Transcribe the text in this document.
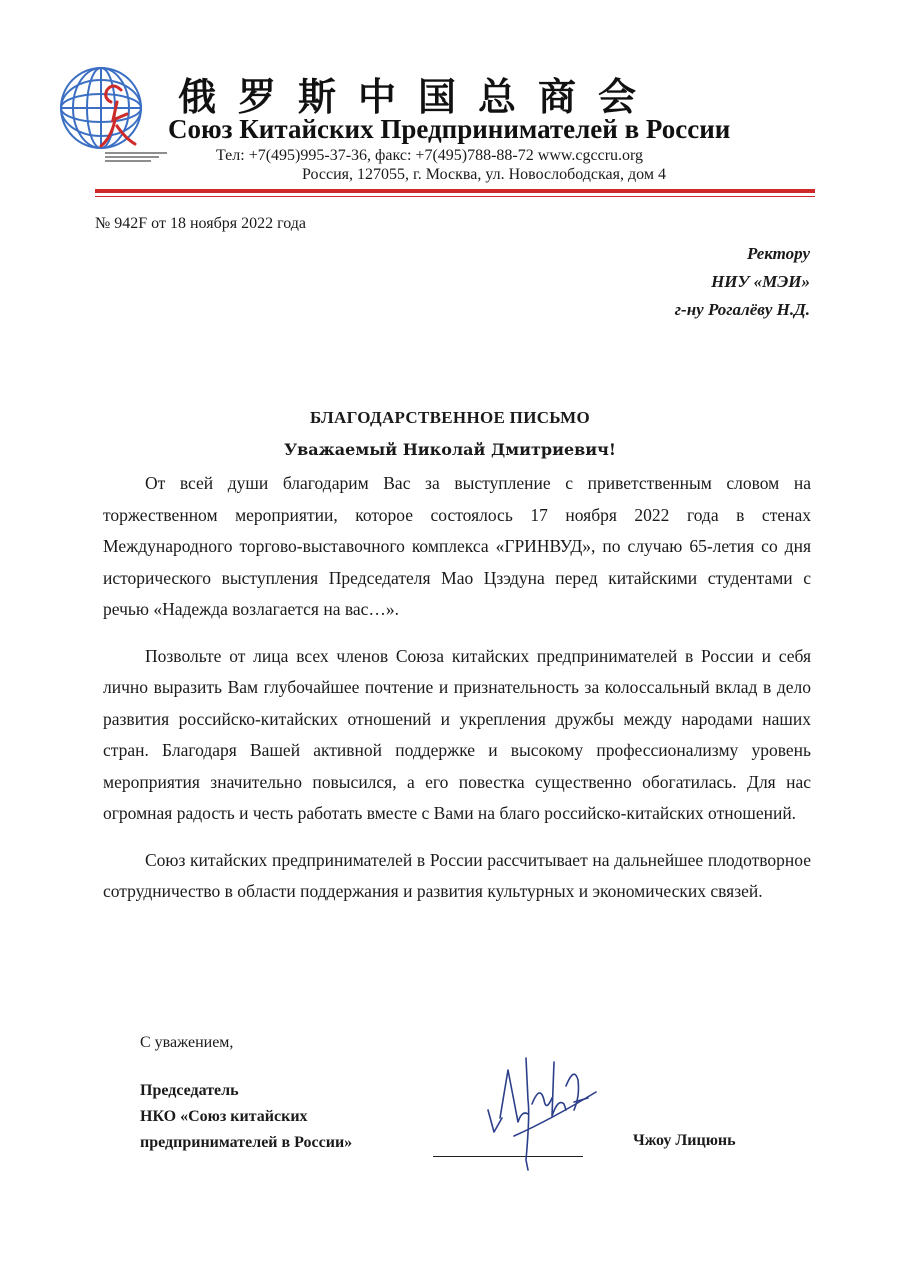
俄罗斯中国总商会
Союз Китайских Предпринимателей в России
Тел: +7(495)995-37-36, факс: +7(495)788-88-72 www.cgccru.org
Россия, 127055, г. Москва, ул. Новослободская, дом 4
№ 942F от 18 ноября 2022 года
Ректору
НИУ «МЭИ»
г-ну Рогалёву Н.Д.
БЛАГОДАРСТВЕННОЕ ПИСЬМО
Уважаемый Николай Дмитриевич!

От всей души благодарим Вас за выступление с приветственным словом на торжественном мероприятии, которое состоялось 17 ноября 2022 года в стенах Международного торгово-выставочного комплекса «ГРИНВУД», по случаю 65-летия со дня исторического выступления Председателя Мао Цзэдуна перед китайскими студентами с речью «Надежда возлагается на вас…».

Позвольте от лица всех членов Союза китайских предпринимателей в России и себя лично выразить Вам глубочайшее почтение и признательность за колоссальный вклад в дело развития российско-китайских отношений и укрепления дружбы между народами наших стран. Благодаря Вашей активной поддержке и высокому профессионализму уровень мероприятия значительно повысился, а его повестка существенно обогатилась. Для нас огромная радость и честь работать вместе с Вами на благо российско-китайских отношений.

Союз китайских предпринимателей в России рассчитывает на дальнейшее плодотворное сотрудничество в области поддержания и развития культурных и экономических связей.

С уважением,
Председатель
НКО «Союз китайских
предпринимателей в России»	Чжоу Лицюнь
